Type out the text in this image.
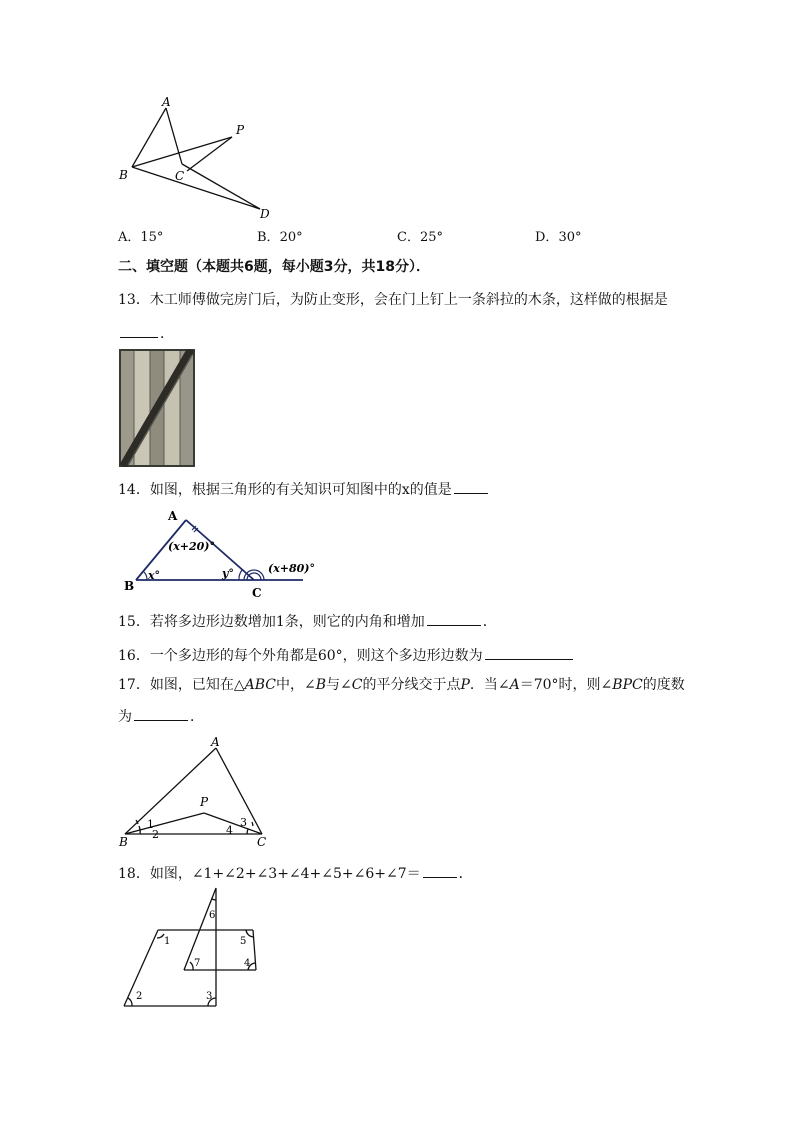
A
P
B	C
D
A．15°	B．20°	C．25°	D．30°
二、填空题（本题共6题，每小题3分，共18分）．
13．木工师傅做完房门后，为防止变形，会在门上钉上一条斜拉的木条，这样做的根据是
．
14．如图，根据三角形的有关知识可知图中的x的值是
A
B	C
(x+20)°
x°	y°	(x+80)°
15．若将多边形边数增加1条，则它的内角和增加	．
16．一个多边形的每个外角都是60°，则这个多边形边数为
17．如图，已知在△ABC中，∠B与∠C的平分线交于点P．当∠A＝70°时，则∠BPC的度数
为	．
A
B	C
P
1
2
3
4
18．如图，∠1+∠2+∠3+∠4+∠5+∠6+∠7＝	．
1
2	3
4
5
6
7
